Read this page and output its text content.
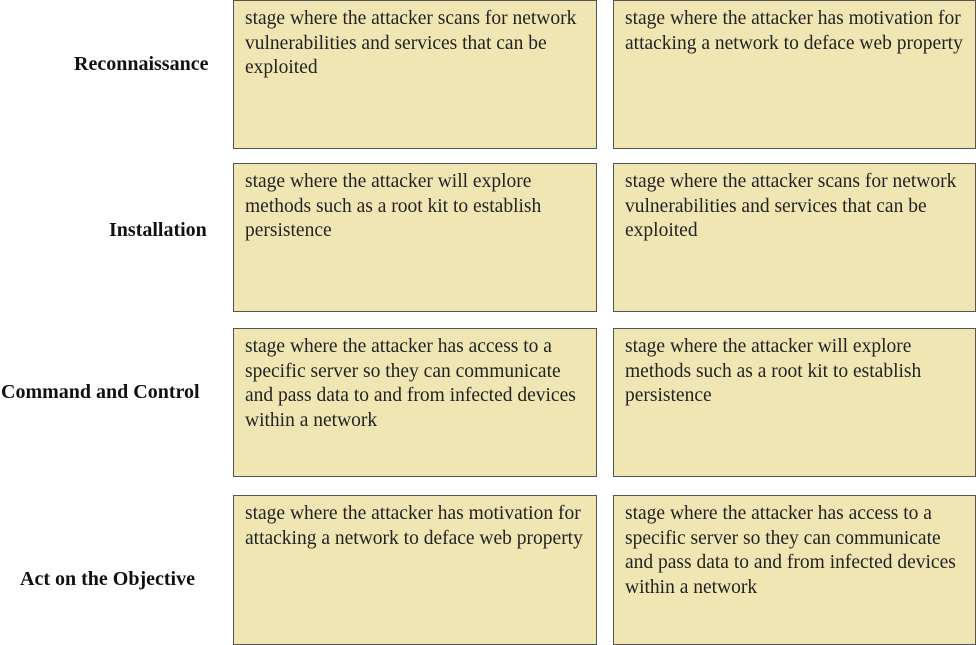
Reconnaissance
stage where the attacker scans for network vulnerabilities and services that can be exploited
stage where the attacker has motivation for attacking a network to deface web property
Installation
stage where the attacker will explore methods such as a root kit to establish persistence
stage where the attacker scans for network vulnerabilities and services that can be exploited
Command and Control
stage where the attacker has access to a specific server so they can communicate and pass data to and from infected devices within a network
stage where the attacker will explore methods such as a root kit to establish persistence
Act on the Objective
stage where the attacker has motivation for attacking a network to deface web property
stage where the attacker has access to a specific server so they can communicate and pass data to and from infected devices within a network
